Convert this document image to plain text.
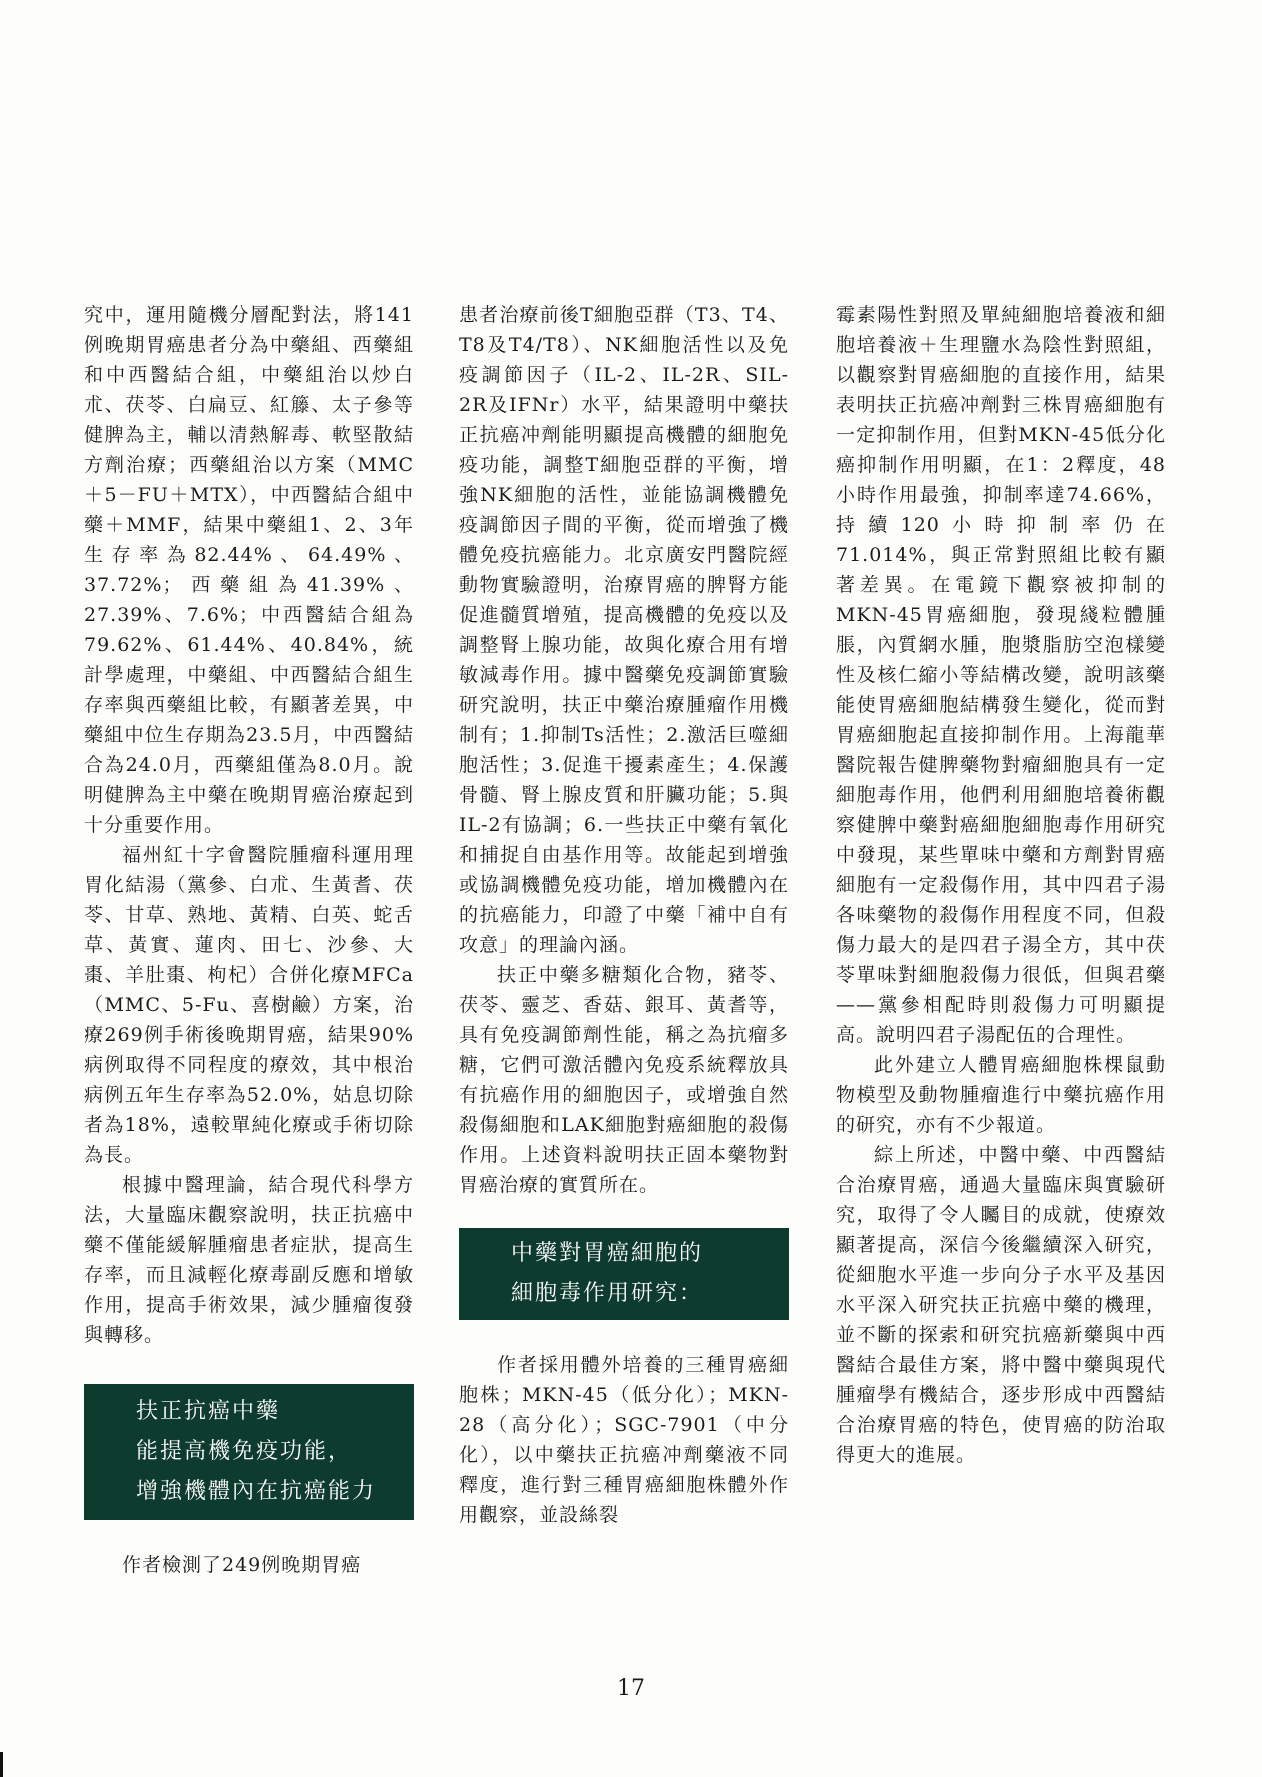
究中，運用隨機分層配對法，將141例晚期胃癌患者分為中藥組、西藥組和中西醫結合組，中藥組治以炒白朮、茯苓、白扁豆、紅籐、太子參等健脾為主，輔以清熱解毒、軟堅散結方劑治療；西藥組治以方案（MMC＋5－FU＋MTX），中西醫結合組中藥＋MMF，結果中藥組1、2、3年生存率為82.44%、64.49%、37.72%；西藥組為41.39%、27.39%、7.6%；中西醫結合組為79.62%、61.44%、40.84%，統計學處理，中藥組、中西醫結合組生存率與西藥組比較，有顯著差異，中藥組中位生存期為23.5月，中西醫結合為24.0月，西藥組僅為8.0月。說明健脾為主中藥在晚期胃癌治療起到十分重要作用。

福州紅十字會醫院腫瘤科運用理胃化結湯（黨參、白朮、生黃耆、茯苓、甘草、熟地、黃精、白英、蛇舌草、黃實、蓮肉、田七、沙參、大棗、羊肚棗、枸杞）合併化療MFCa（MMC、5-Fu、喜樹鹼）方案，治療269例手術後晚期胃癌，結果90%病例取得不同程度的療效，其中根治病例五年生存率為52.0%，姑息切除者為18%，遠較單純化療或手術切除為長。

根據中醫理論，結合現代科學方法，大量臨床觀察說明，扶正抗癌中藥不僅能緩解腫瘤患者症狀，提高生存率，而且減輕化療毒副反應和增敏作用，提高手術效果，減少腫瘤復發與轉移。

扶正抗癌中藥
能提高機免疫功能，
增強機體內在抗癌能力

作者檢測了249例晚期胃癌

患者治療前後T細胞亞群（T3、T4、T8及T4/T8）、NK細胞活性以及免疫調節因子（IL-2、IL-2R、SIL-2R及IFNr）水平，結果證明中藥扶正抗癌冲劑能明顯提高機體的細胞免疫功能，調整T細胞亞群的平衡，增強NK細胞的活性，並能協調機體免疫調節因子間的平衡，從而增強了機體免疫抗癌能力。北京廣安門醫院經動物實驗證明，治療胃癌的脾腎方能促進髓質增殖，提高機體的免疫以及調整腎上腺功能，故與化療合用有增敏減毒作用。據中醫藥免疫調節實驗研究說明，扶正中藥治療腫瘤作用機制有；1.抑制Ts活性；2.激活巨噬細胞活性；3.促進干擾素產生；4.保護骨髓、腎上腺皮質和肝臟功能；5.與IL-2有協調；6.一些扶正中藥有氧化和捕捉自由基作用等。故能起到增強或協調機體免疫功能，增加機體內在的抗癌能力，印證了中藥「補中自有攻意」的理論內涵。

扶正中藥多糖類化合物，豬苓、茯苓、靈芝、香菇、銀耳、黃耆等，具有免疫調節劑性能，稱之為抗瘤多糖，它們可激活體內免疫系統釋放具有抗癌作用的細胞因子，或增強自然殺傷細胞和LAK細胞對癌細胞的殺傷作用。上述資料說明扶正固本藥物對胃癌治療的實質所在。

中藥對胃癌細胞的
細胞毒作用研究：

作者採用體外培養的三種胃癌細胞株；MKN-45（低分化）；MKN-28（高分化）；SGC-7901（中分化），以中藥扶正抗癌冲劑藥液不同釋度，進行對三種胃癌細胞株體外作用觀察，並設絲裂

霉素陽性對照及單純細胞培養液和細胞培養液＋生理鹽水為陰性對照組，以觀察對胃癌細胞的直接作用，結果表明扶正抗癌冲劑對三株胃癌細胞有一定抑制作用，但對MKN-45低分化癌抑制作用明顯，在1：2釋度，48小時作用最強，抑制率達74.66%，持續120小時抑制率仍在71.014%，與正常對照組比較有顯著差異。在電鏡下觀察被抑制的MKN-45胃癌細胞，發現綫粒體腫脹，內質網水腫，胞漿脂肪空泡樣變性及核仁縮小等結構改變，說明該藥能使胃癌細胞結構發生變化，從而對胃癌細胞起直接抑制作用。上海龍華醫院報告健脾藥物對瘤細胞具有一定細胞毒作用，他們利用細胞培養術觀察健脾中藥對癌細胞細胞毒作用研究中發現，某些單味中藥和方劑對胃癌細胞有一定殺傷作用，其中四君子湯各味藥物的殺傷作用程度不同，但殺傷力最大的是四君子湯全方，其中茯苓單味對細胞殺傷力很低，但與君藥——黨參相配時則殺傷力可明顯提高。說明四君子湯配伍的合理性。

此外建立人體胃癌細胞株棵鼠動物模型及動物腫瘤進行中藥抗癌作用的研究，亦有不少報道。

綜上所述，中醫中藥、中西醫結合治療胃癌，通過大量臨床與實驗研究，取得了令人矚目的成就，使療效顯著提高，深信今後繼續深入研究，從細胞水平進一步向分子水平及基因水平深入研究扶正抗癌中藥的機理，並不斷的探索和研究抗癌新藥與中西醫結合最佳方案，將中醫中藥與現代腫瘤學有機結合，逐步形成中西醫結合治療胃癌的特色，使胃癌的防治取得更大的進展。

17
